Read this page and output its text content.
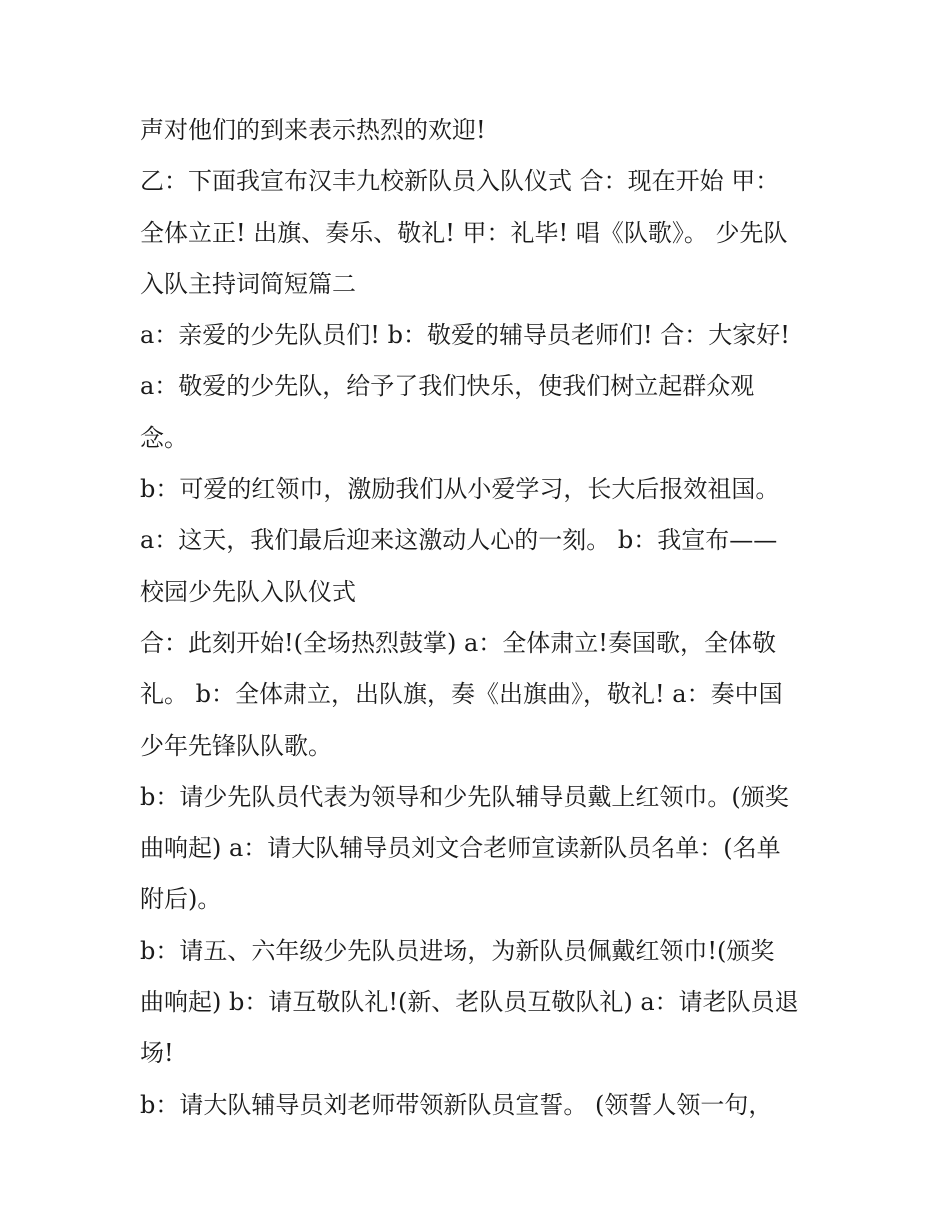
声对他们的到来表示热烈的欢迎!
乙：下面我宣布汉丰九校新队员入队仪式 合：现在开始 甲：
全体立正! 出旗、奏乐、敬礼! 甲：礼毕! 唱《队歌》。 少先队
入队主持词简短篇二
a：亲爱的少先队员们! b：敬爱的辅导员老师们! 合：大家好!
a：敬爱的少先队，给予了我们快乐，使我们树立起群众观
念。
b：可爱的红领巾，激励我们从小爱学习，长大后报效祖国。
a：这天，我们最后迎来这激动人心的一刻。 b：我宣布——
校园少先队入队仪式
合：此刻开始!(全场热烈鼓掌) a：全体肃立!奏国歌，全体敬
礼。 b：全体肃立，出队旗，奏《出旗曲》，敬礼! a：奏中国
少年先锋队队歌。
b：请少先队员代表为领导和少先队辅导员戴上红领巾。(颁奖
曲响起) a：请大队辅导员刘文合老师宣读新队员名单：(名单
附后)。
b：请五、六年级少先队员进场，为新队员佩戴红领巾!(颁奖
曲响起) b：请互敬队礼!(新、老队员互敬队礼) a：请老队员退
场!
b：请大队辅导员刘老师带领新队员宣誓。 (领誓人领一句，
